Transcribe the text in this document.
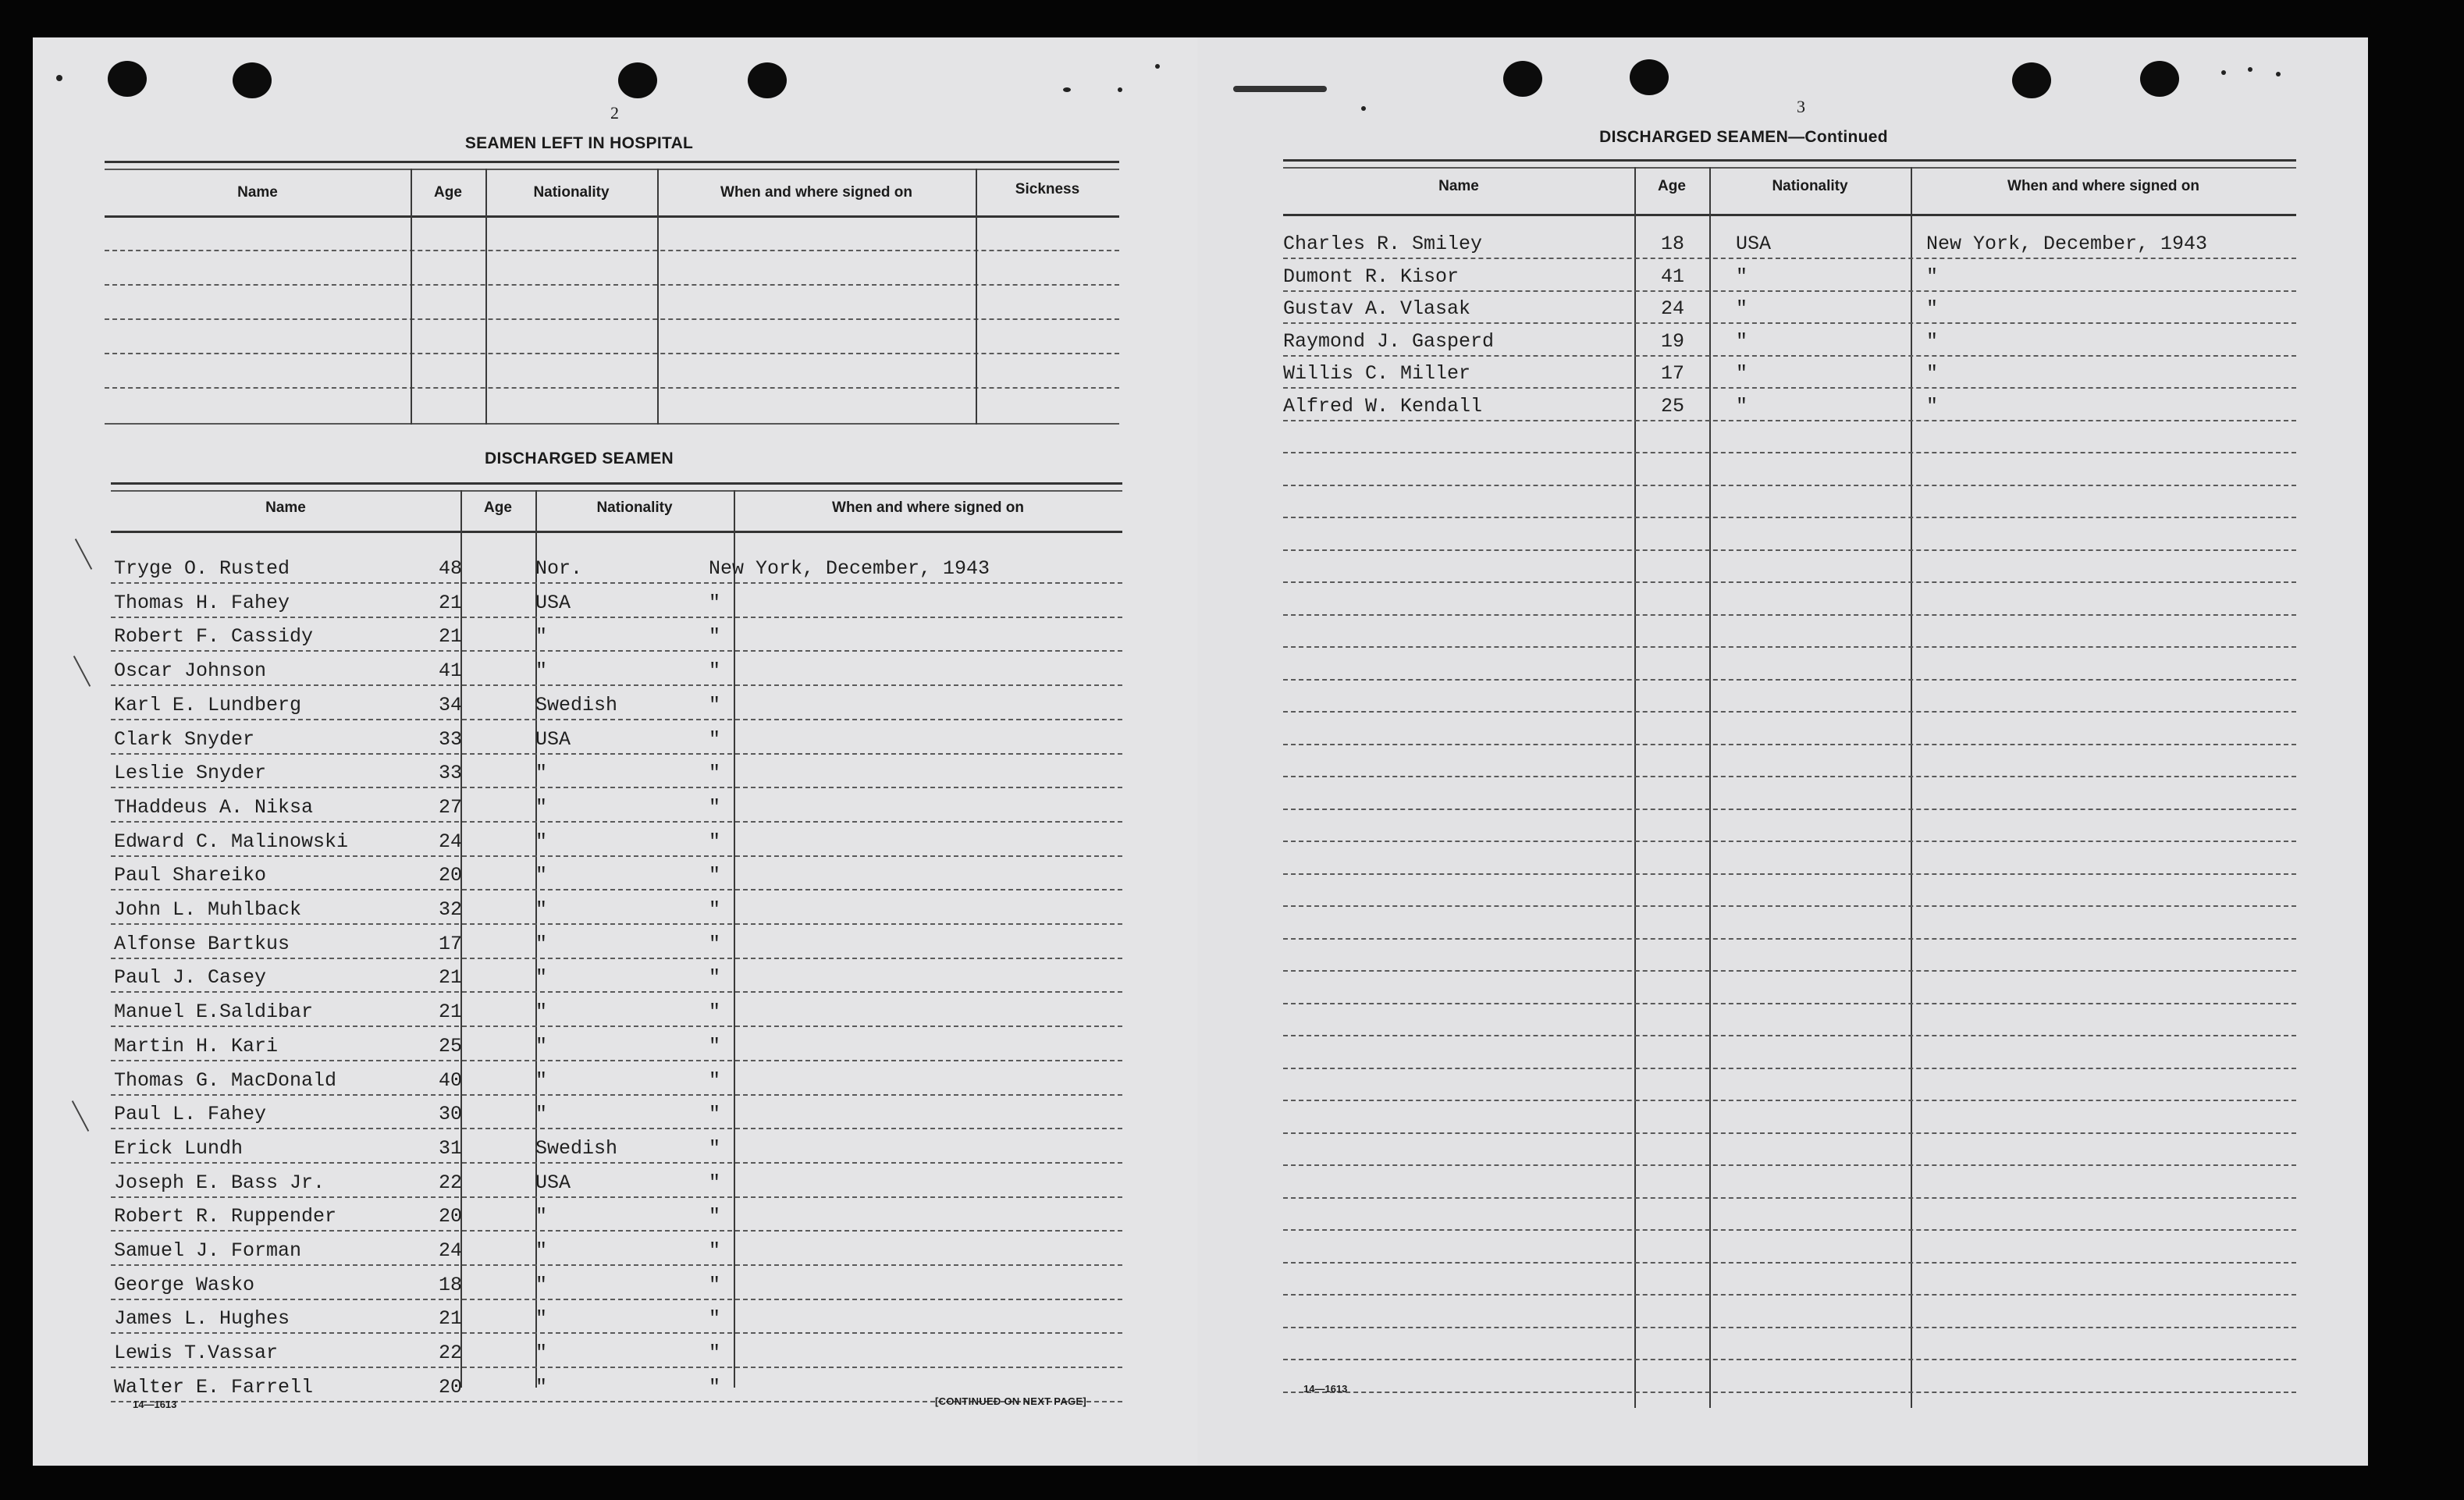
2
SEAMEN LEFT IN HOSPITAL
Name	Age	Nationality	When and where signed on	Sickness
DISCHARGED SEAMEN
Name	Age	Nationality	When and where signed on
Tryge O. Rusted	48	Nor.	New York, December, 1943
Thomas H. Fahey	21	USA	"
Robert F. Cassidy	21	"	"
Oscar Johnson	41	"	"
Karl E. Lundberg	34	Swedish	"
Clark Snyder	33	USA	"
Leslie Snyder	33	"	"
THaddeus A. Niksa	27	"	"
Edward C. Malinowski	24	"	"
Paul Shareiko	20	"	"
John L. Muhlback	32	"	"
Alfonse Bartkus	17	"	"
Paul J. Casey	21	"	"
Manuel E.Saldibar	21	"	"
Martin H. Kari	25	"	"
Thomas G. MacDonald	40	"	"
Paul L. Fahey	30	"	"
Erick Lundh	31	Swedish	"
Joseph E. Bass Jr.	22	USA	"
Robert R. Ruppender	20	"	"
Samuel J. Forman	24	"	"
George Wasko	18	"	"
James L. Hughes	21	"	"
Lewis T.Vassar	22	"	"
Walter E. Farrell	20	"	"
14—1613	[CONTINUED ON NEXT PAGE]
3
DISCHARGED SEAMEN—Continued
Name	Age	Nationality	When and where signed on
Charles R. Smiley	18	USA	New York, December, 1943
Dumont R. Kisor	41	"	"
Gustav A. Vlasak	24	"	"
Raymond J. Gasperd	19	"	"
Willis C. Miller	17	"	"
Alfred W. Kendall	25	"	"
14—1613
